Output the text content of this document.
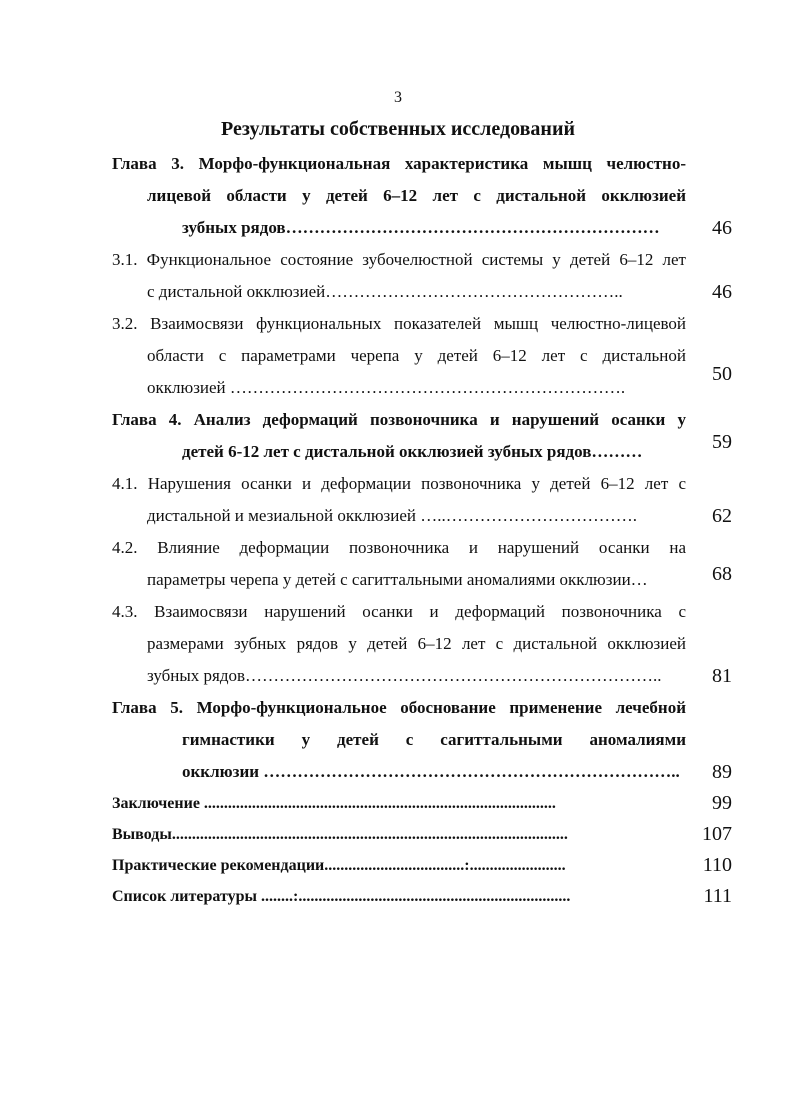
3
Результаты собственных исследований
46
Глава 3. Морфо-функциональная характеристика мышц челюстно-
лицевой области у детей 6–12 лет с дистальной окклюзией
зубных рядов…………………………………………………………
46
3.1. Функциональное состояние зубочелюстной системы у детей 6–12 лет
с дистальной окклюзией……………………………………………..
50
3.2. Взаимосвязи функциональных показателей мышц челюстно-лицевой
области с параметрами черепа у детей 6–12 лет с дистальной
окклюзией …………………………………………………………….
59
Глава 4. Анализ деформаций позвоночника и нарушений осанки у
детей 6-12 лет с дистальной окклюзией зубных рядов………
62
4.1. Нарушения осанки и деформации позвоночника у детей 6–12 лет с
дистальной и мезиальной окклюзией …..…………………………….
68
4.2. Влияние деформации позвоночника и нарушений осанки на
параметры черепа у детей с сагиттальными аномалиями окклюзии…
81
4.3. Взаимосвязи нарушений осанки и деформаций позвоночника с
размерами зубных рядов у детей 6–12 лет с дистальной окклюзией
зубных рядов………………………………………………………………..
89
Глава 5. Морфо-функциональное обоснование применение лечебной
гимнастики у детей с сагиттальными аномалиями
окклюзии ………………………………………………………………..
99
Заключение ........................................................................................
107
Выводы...................................................................................................
110
Практические рекомендации...................................:........................
111
Список литературы ........:....................................................................
